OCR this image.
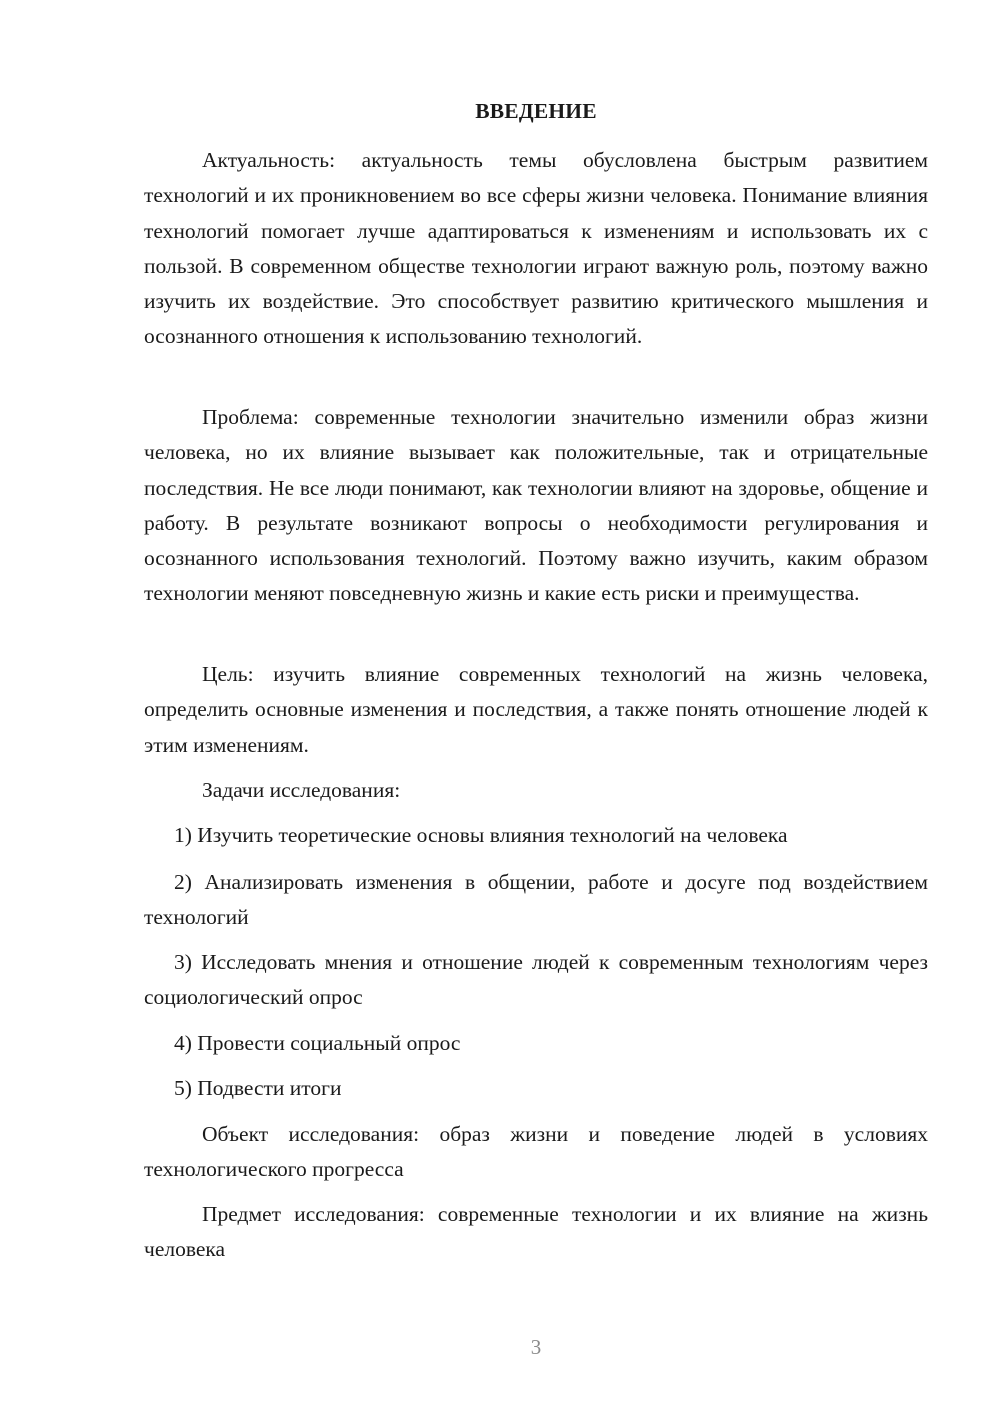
ВВЕДЕНИЕ

Актуальность: актуальность темы обусловлена быстрым развитием технологий и их проникновением во все сферы жизни человека. Понимание влияния технологий помогает лучше адаптироваться к изменениям и использовать их с пользой. В современном обществе технологии играют важную роль, поэтому важно изучить их воздействие. Это способствует развитию критического мышления и осознанного отношения к использованию технологий.

Проблема: современные технологии значительно изменили образ жизни человека, но их влияние вызывает как положительные, так и отрицательные последствия. Не все люди понимают, как технологии влияют на здоровье, общение и работу. В результате возникают вопросы о необходимости регулирования и осознанного использования технологий. Поэтому важно изучить, каким образом технологии меняют повседневную жизнь и какие есть риски и преимущества.

Цель: изучить влияние современных технологий на жизнь человека, определить основные изменения и последствия, а также понять отношение людей к этим изменениям.

Задачи исследования:

1) Изучить теоретические основы влияния технологий на человека

2) Анализировать изменения в общении, работе и досуге под воздействием технологий

3) Исследовать мнения и отношение людей к современным технологиям через социологический опрос

4) Провести социальный опрос

5) Подвести итоги

Объект исследования: образ жизни и поведение людей в условиях технологического прогресса

Предмет исследования: современные технологии и их влияние на жизнь человека

3
